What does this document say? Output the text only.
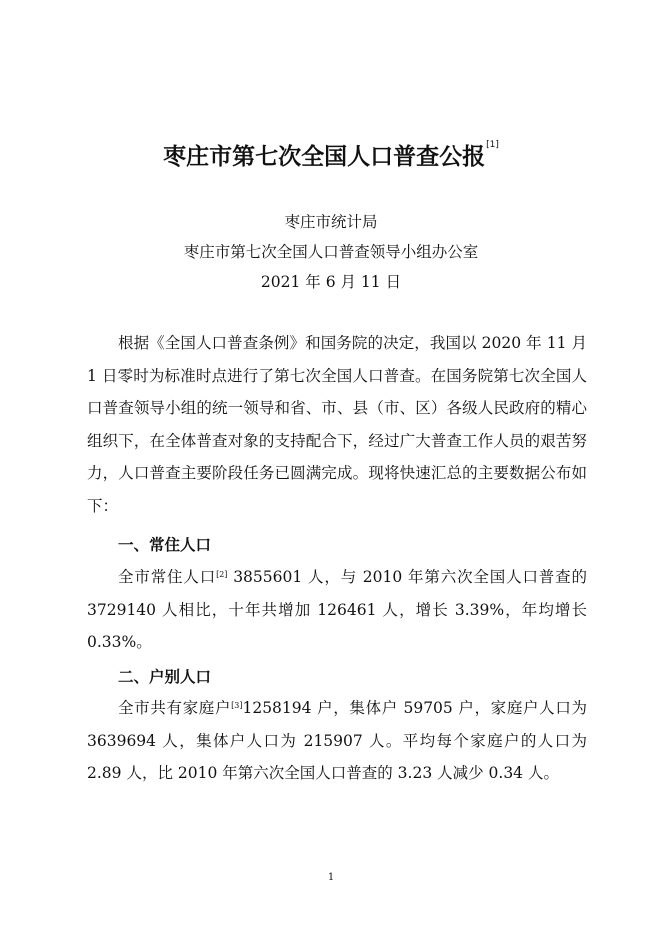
枣庄市第七次全国人口普查公报[1]
枣庄市统计局
枣庄市第七次全国人口普查领导小组办公室
2021 年 6 月 11 日

根据《全国人口普查条例》和国务院的决定，我国以 2020 年 11 月 1 日零时为标准时点进行了第七次全国人口普查。在国务院第七次全国人口普查领导小组的统一领导和省、市、县（市、区）各级人民政府的精心组织下，在全体普查对象的支持配合下，经过广大普查工作人员的艰苦努力，人口普查主要阶段任务已圆满完成。现将快速汇总的主要数据公布如下：

一、常住人口

全市常住人口[2] 3855601 人，与 2010 年第六次全国人口普查的 3729140 人相比，十年共增加 126461 人，增长 3.39%，年均增长 0.33%。

二、户别人口

全市共有家庭户[3]1258194 户，集体户 59705 户，家庭户人口为 3639694 人，集体户人口为 215907 人。平均每个家庭户的人口为 2.89 人，比 2010 年第六次全国人口普查的 3.23 人减少 0.34 人。

1
